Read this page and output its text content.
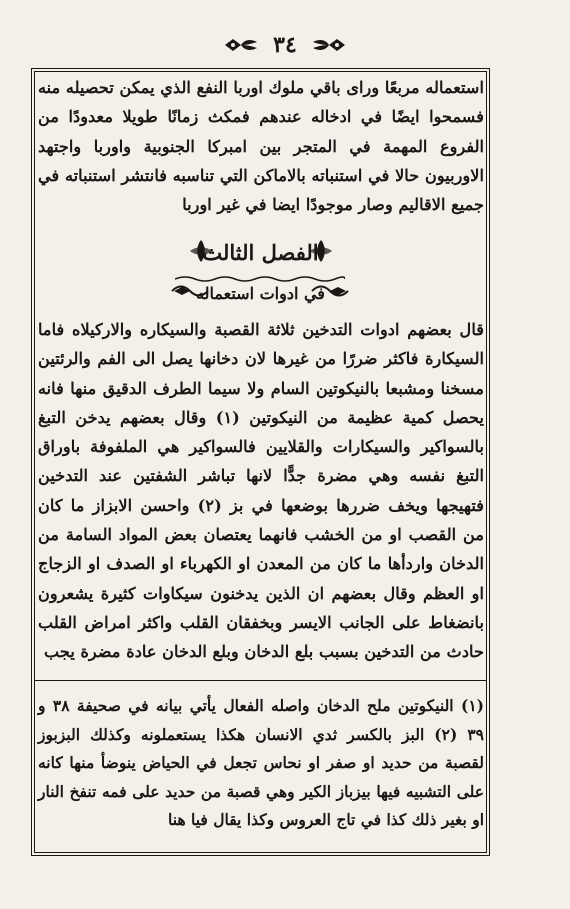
٣٤

استعماله مربعًا وراى باقي ملوك اوربا النفع الذي يمكن تحصيله منه فسمحوا ايضًا في ادخاله عندهم فمكث زمانًا طويلا معدودًا من الفروع المهمة في المتجر بين امبركا الجنوبية واوربا واجتهد الاوربيون حالا في استنباته بالاماكن التي تناسبه فانتشر استنباته في جميع الاقاليم وصار موجودًا ايضا في غير اوربا

الفصل الثالث
في ادوات استعماله

قال بعضهم ادوات التدخين ثلاثة القصبة والسيكاره والاركيلاه فاما السيكارة فاكثر ضررًا من غيرها لان دخانها يصل الى الفم والرئتين مسخنا ومشبعا بالنيكوتين السام ولا سيما الطرف الدقيق منها فانه يحصل كمية عظيمة من النيكوتين (١) وقال بعضهم يدخن التبغ بالسواكير والسيكارات والقلايين فالسواكير هي الملفوفة باوراق التبغ نفسه وهي مضرة جدًّا لانها تباشر الشفتين عند التدخين فتهيجها ويخف ضررها بوضعها في بز (٢) واحسن الابزاز ما كان من القصب او من الخشب فانهما يعتصان بعض المواد السامة من الدخان واردأها ما كان من المعدن او الكهرباء او الصدف او الزجاج او العظم وقال بعضهم ان الذين يدخنون سيكاوات كثيرة يشعرون بانضغاط على الجانب الايسر وبخفقان القلب واكثر امراض القلب حادث من التدخين بسبب بلع الدخان وبلع الدخان عادة مضرة يجب

(١) النيكوتين ملح الدخان واصله الفعال يأتي بيانه في صحيفة ٣٨ و ٣٩ (٢) البز بالكسر ثدي الانسان هكذا يستعملونه وكذلك البزبوز لقصبة من حديد او صفر او نحاس تجعل في الحياض ينوضأ منها كانه على التشبيه فيها بيزباز الكير وهي قصبة من حديد على فمه تنفخ النار او بغير ذلك كذا في تاج العروس وكذا يقال فيا هنا
